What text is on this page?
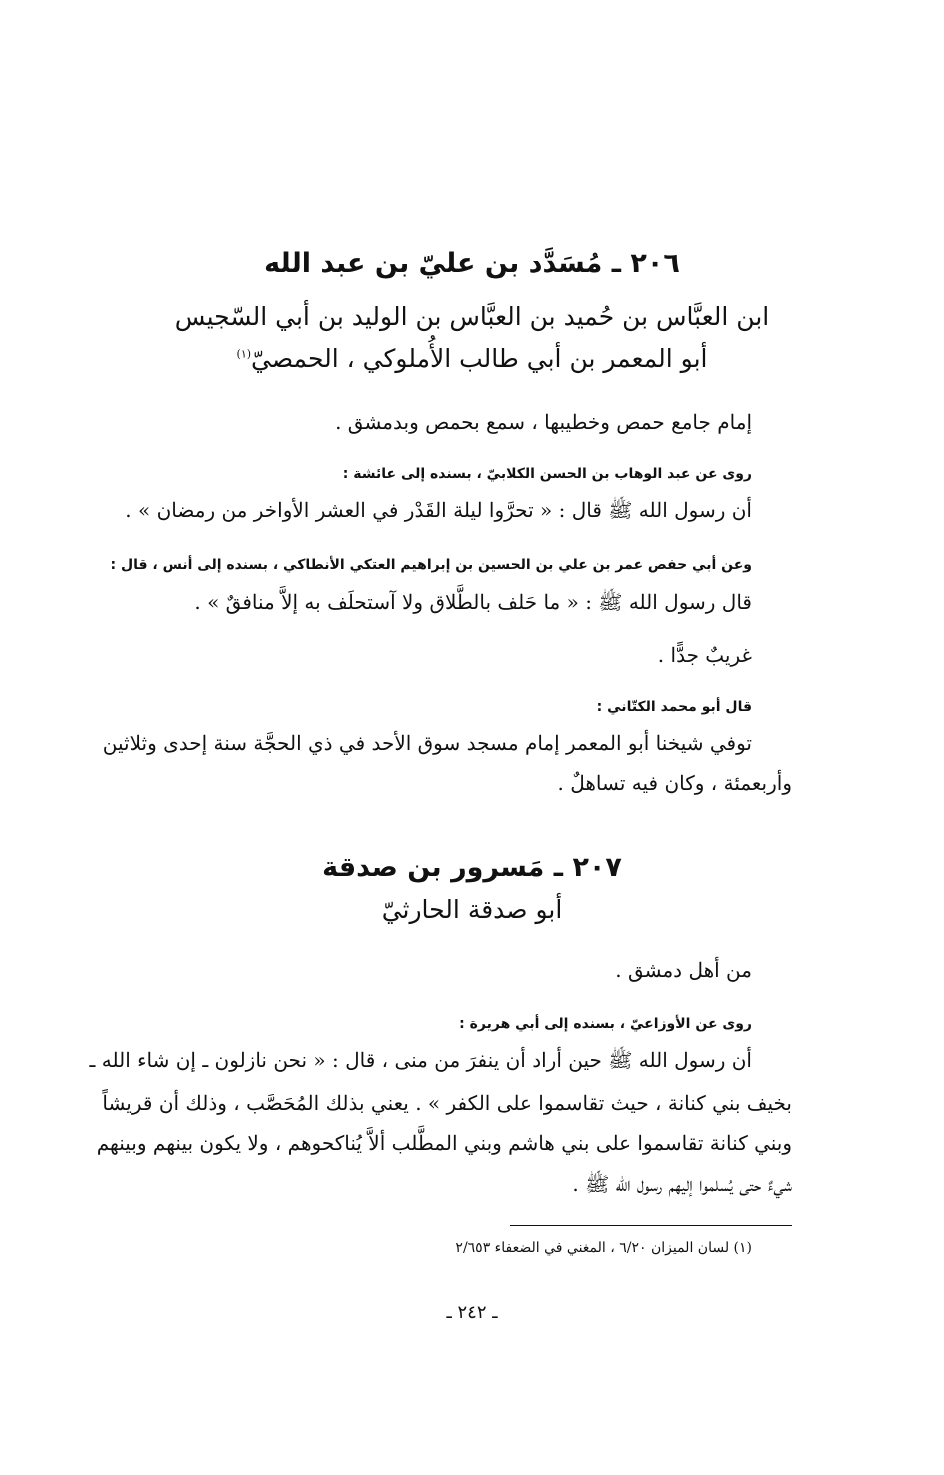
٢٠٦ ـ مُسَدَّد بن عليّ بن عبد الله
ابن العبَّاس بن حُميد بن العبَّاس بن الوليد بن أبي السّجيس
أبو المعمر بن أبي طالب الأُملوكي ، الحمصيّ$^{(١)}$
إمام جامع حمص وخطيبها ، سمع بحمص وبدمشق .
روى عن عبد الوهاب بن الحسن الكلابيّ ، بسنده إلى عائشة :
أن رسول الله ﷺ قال : « تحرَّوا ليلة القَدْر في العشر الأواخر من رمضان » .
وعن أبي حفص عمر بن علي بن الحسين بن إبراهيم العتكي الأنطاكي ، بسنده إلى أنس ، قال :
قال رسول الله ﷺ : « ما حَلف بالطَّلاق ولا آستحلَف به إلاَّ منافقٌ » .
غريبٌ جدًّا .
قال أبو محمد الكتّاني :
توفي شيخنا أبو المعمر إمام مسجد سوق الأحد في ذي الحجَّة سنة إحدى وثلاثين
وأربعمئة ، وكان فيه تساهلٌ .
٢٠٧ ـ مَسرور بن صدقة
أبو صدقة الحارثيّ
من أهل دمشق .
روى عن الأوزاعيّ ، بسنده إلى أبي هريرة :
أن رسول الله ﷺ حين أراد أن ينفرَ من منى ، قال : « نحن نازلون ـ إن شاء الله ـ
بخيف بني كنانة ، حيث تقاسموا على الكفر » . يعني بذلك المُحَصَّب ، وذلك أن قريشاً
وبني كنانة تقاسموا على بني هاشم وبني المطَّلب ألاَّ يُناكحوهم ، ولا يكون بينهم وبينهم
شيءٌ حتى يُسلموا إليهم رسول الله ﷺ .
(١) لسان الميزان ٦/٢٠ ، المغني في الضعفاء ٢/٦٥٣
ـ ٢٤٢ ـ
